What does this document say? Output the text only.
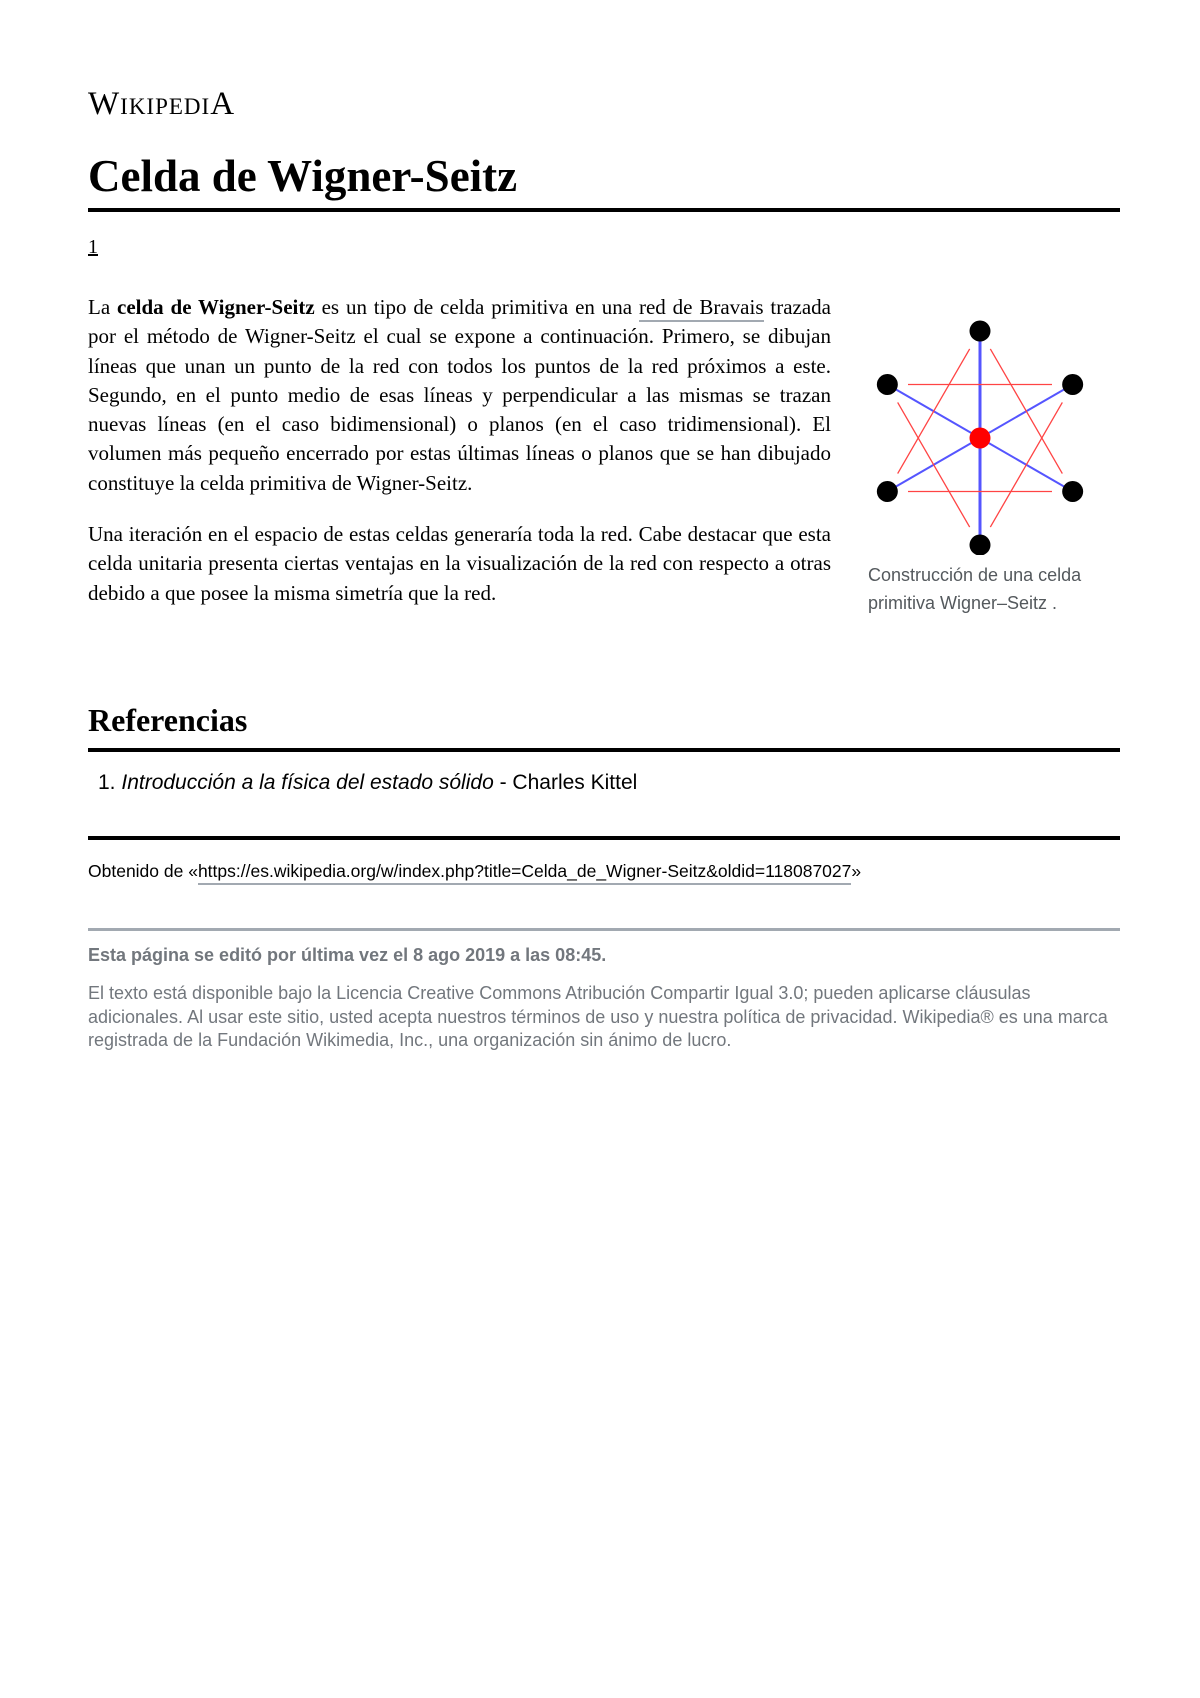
WIKIPEDIA
Celda de Wigner-Seitz
1

La celda de Wigner-Seitz es un tipo de celda primitiva en una red de Bravais trazada por el método de Wigner-Seitz el cual se expone a continuación. Primero, se dibujan líneas que unan un punto de la red con todos los puntos de la red próximos a este. Segundo, en el punto medio de esas líneas y perpendicular a las mismas se trazan nuevas líneas (en el caso bidimensional) o planos (en el caso tridimensional). El volumen más pequeño encerrado por estas últimas líneas o planos que se han dibujado constituye la celda primitiva de Wigner-Seitz.

Una iteración en el espacio de estas celdas generaría toda la red. Cabe destacar que esta celda unitaria presenta ciertas ventajas en la visualización de la red con respecto a otras debido a que posee la misma simetría que la red.

Construcción de una celda primitiva Wigner–Seitz .
Referencias
1. Introducción a la física del estado sólido - Charles Kittel
Obtenido de «https://es.wikipedia.org/w/index.php?title=Celda_de_Wigner-Seitz&oldid=118087027»
Esta página se editó por última vez el 8 ago 2019 a las 08:45.
El texto está disponible bajo la Licencia Creative Commons Atribución Compartir Igual 3.0; pueden aplicarse cláusulas adicionales. Al usar este sitio, usted acepta nuestros términos de uso y nuestra política de privacidad. Wikipedia® es una marca registrada de la Fundación Wikimedia, Inc., una organización sin ánimo de lucro.
